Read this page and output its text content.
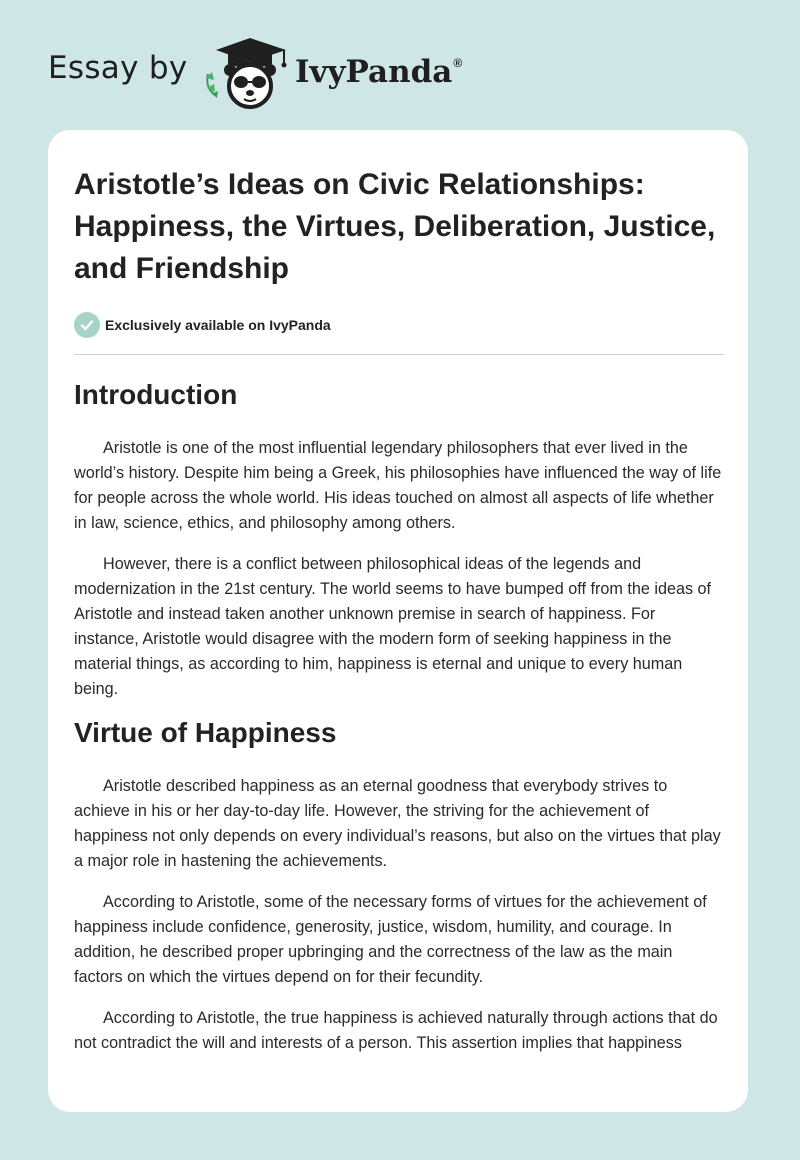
Essay by	IvyPanda®
Aristotle’s Ideas on Civic Relationships: Happiness, the Virtues, Deliberation, Justice, and Friendship
Exclusively available on IvyPanda
Introduction

Aristotle is one of the most influential legendary philosophers that ever lived in the world’s history. Despite him being a Greek, his philosophies have influenced the way of life for people across the whole world. His ideas touched on almost all aspects of life whether in law, science, ethics, and philosophy among others.

However, there is a conflict between philosophical ideas of the legends and modernization in the 21st century. The world seems to have bumped off from the ideas of Aristotle and instead taken another unknown premise in search of happiness. For instance, Aristotle would disagree with the modern form of seeking happiness in the material things, as according to him, happiness is eternal and unique to every human being.

Virtue of Happiness

Aristotle described happiness as an eternal goodness that everybody strives to achieve in his or her day-to-day life. However, the striving for the achievement of happiness not only depends on every individual’s reasons, but also on the virtues that play a major role in hastening the achievements.

According to Aristotle, some of the necessary forms of virtues for the achievement of happiness include confidence, generosity, justice, wisdom, humility, and courage. In addition, he described proper upbringing and the correctness of the law as the main factors on which the virtues depend on for their fecundity.

According to Aristotle, the true happiness is achieved naturally through actions that do not contradict the will and interests of a person. This assertion implies that happiness
